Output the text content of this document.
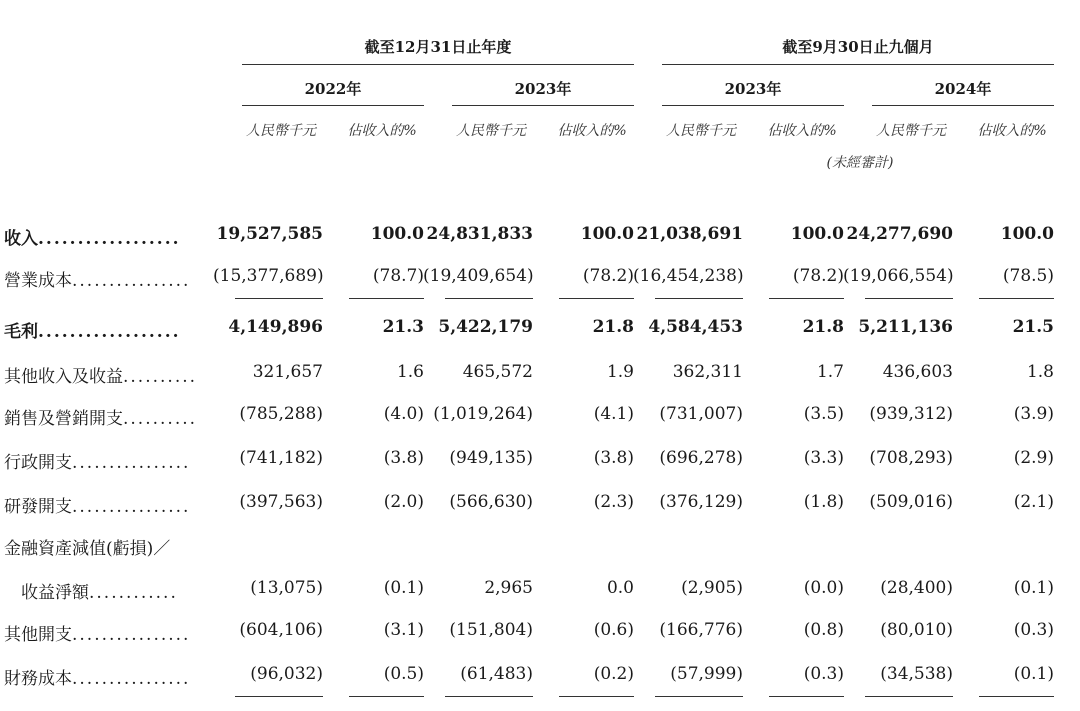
截至12月31日止年度	截至9月30日止九個月
2022年	2023年	2023年	2024年
人民幣千元	佔收入的%	人民幣千元	佔收入的%	人民幣千元	佔收入的%	人民幣千元	佔收入的%
(未經審計)
收入..................	19,527,585	100.0 24,831,833	100.0 21,038,691	100.0 24,277,690	100.0
營業成本................	(15,377,689)	(78.7) (19,409,654)	(78.2) (16,454,238)	(78.2) (19,066,554)	(78.5)
毛利..................	4,149,896	21.3 5,422,179	21.8 4,584,453	21.8 5,211,136	21.5
其他收入及收益..........	321,657	1.6	465,572	1.9	362,311	1.7	436,603	1.8
銷售及營銷開支..........	(785,288)	(4.0) (1,019,264)	(4.1)	(731,007)	(3.5)	(939,312)	(3.9)
行政開支................	(741,182)	(3.8)	(949,135)	(3.8)	(696,278)	(3.3)	(708,293)	(2.9)
研發開支................	(397,563)	(2.0)	(566,630)	(2.3)	(376,129)	(1.8)	(509,016)	(2.1)
金融資產減值(虧損)／
　收益淨額............	(13,075)	(0.1)	2,965	0.0	(2,905)	(0.0)	(28,400)	(0.1)
其他開支................	(604,106)	(3.1)	(151,804)	(0.6)	(166,776)	(0.8)	(80,010)	(0.3)
財務成本................	(96,032)	(0.5)	(61,483)	(0.2)	(57,999)	(0.3)	(34,538)	(0.1)
